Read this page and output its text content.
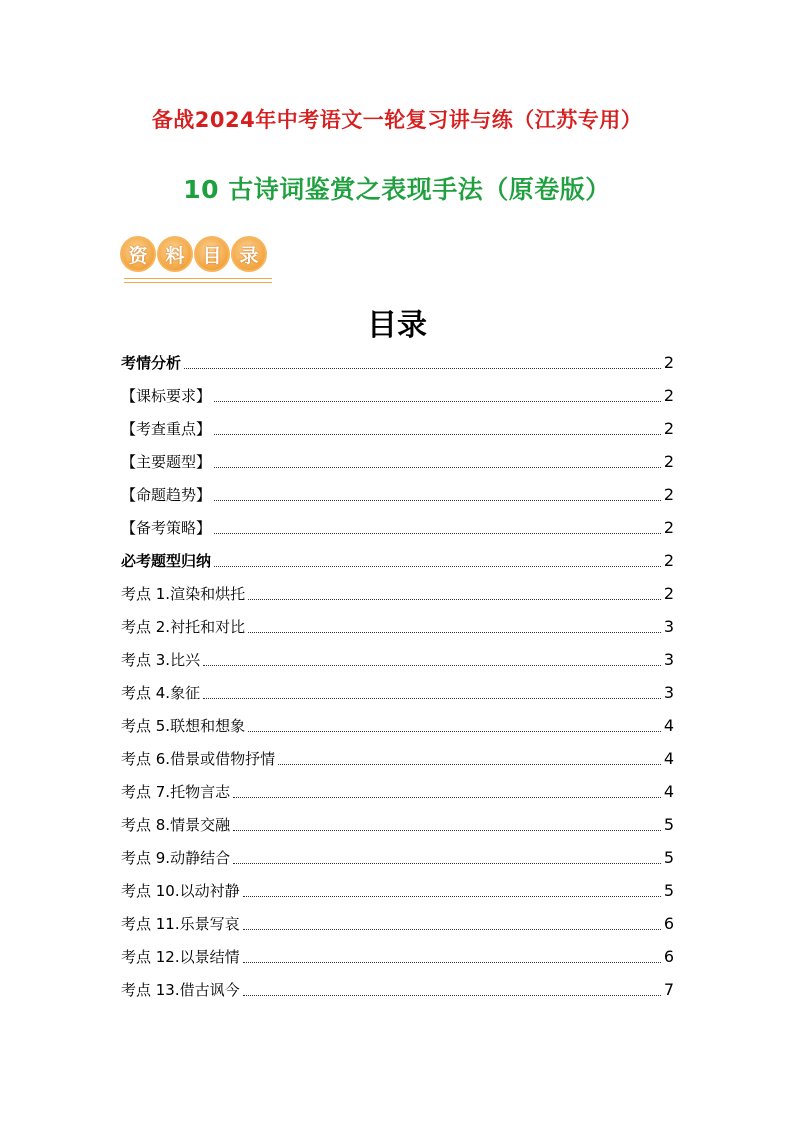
备战2024年中考语文一轮复习讲与练（江苏专用）
10 古诗词鉴赏之表现手法（原卷版）
资 料 目 录
目录
考情分析	2
【课标要求】	2
【考查重点】	2
【主要题型】	2
【命题趋势】	2
【备考策略】	2
必考题型归纳	2
考点 1.渲染和烘托	2
考点 2.衬托和对比	3
考点 3.比兴	3
考点 4.象征	3
考点 5.联想和想象	4
考点 6.借景或借物抒情	4
考点 7.托物言志	4
考点 8.情景交融	5
考点 9.动静结合	5
考点 10.以动衬静	5
考点 11.乐景写哀	6
考点 12.以景结情	6
考点 13.借古讽今	7
